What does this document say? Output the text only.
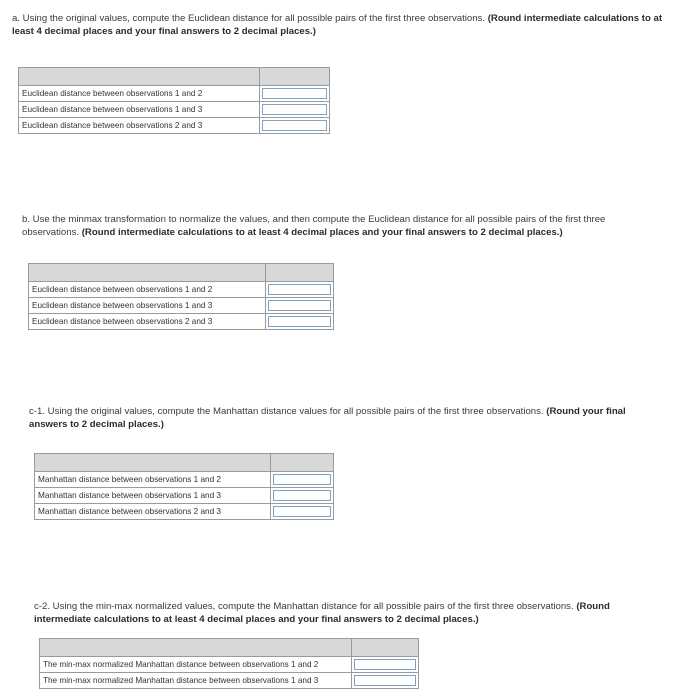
a. Using the original values, compute the Euclidean distance for all possible pairs of the first three observations. (Round intermediate calculations to at least 4 decimal places and your final answers to 2 decimal places.)

Euclidean distance between observations 1 and 2	
Euclidean distance between observations 1 and 3	
Euclidean distance between observations 2 and 3	

b. Use the minmax transformation to normalize the values, and then compute the Euclidean distance for all possible pairs of the first three observations. (Round intermediate calculations to at least 4 decimal places and your final answers to 2 decimal places.)

Euclidean distance between observations 1 and 2	
Euclidean distance between observations 1 and 3	
Euclidean distance between observations 2 and 3	

c-1. Using the original values, compute the Manhattan distance values for all possible pairs of the first three observations. (Round your final answers to 2 decimal places.)

Manhattan distance between observations 1 and 2	
Manhattan distance between observations 1 and 3	
Manhattan distance between observations 2 and 3	

c-2. Using the min-max normalized values, compute the Manhattan distance for all possible pairs of the first three observations. (Round intermediate calculations to at least 4 decimal places and your final answers to 2 decimal places.)

The min-max normalized Manhattan distance between observations 1 and 2	
The min-max normalized Manhattan distance between observations 1 and 3	
